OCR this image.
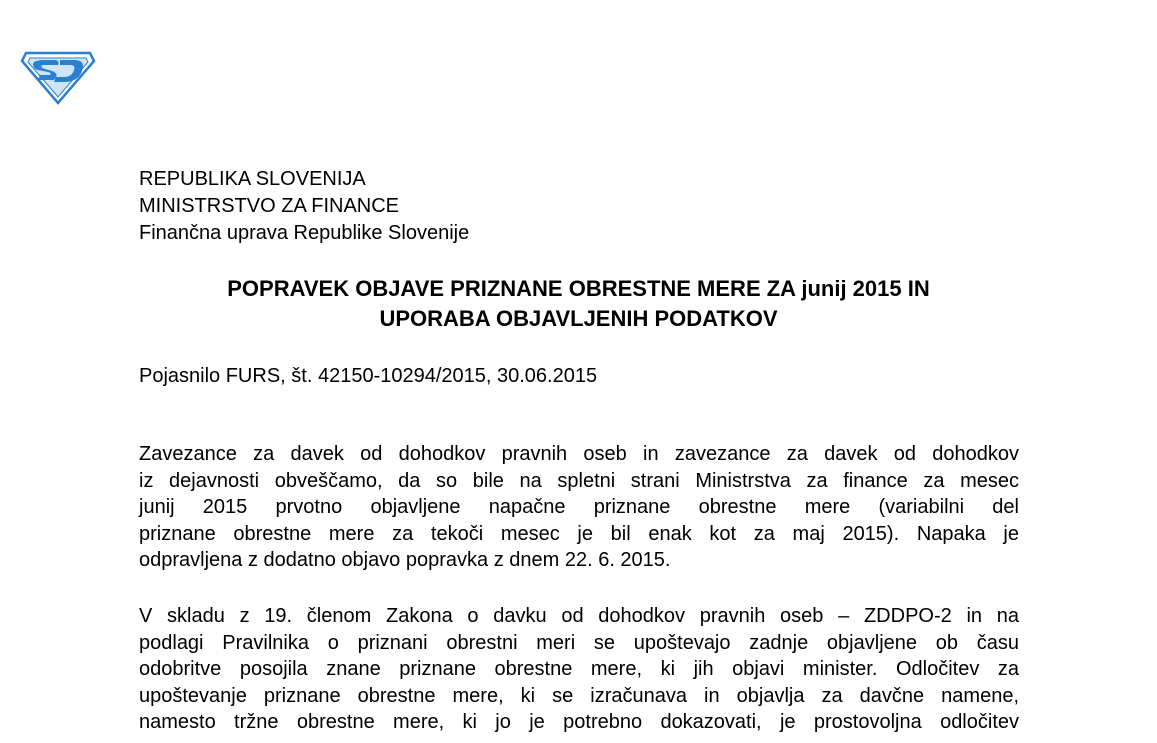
REPUBLIKA SLOVENIJA
MINISTRSTVO ZA FINANCE
Finančna uprava Republike Slovenije
POPRAVEK OBJAVE PRIZNANE OBRESTNE MERE ZA junij 2015 IN
UPORABA OBJAVLJENIH PODATKOV
Pojasnilo FURS, št. 42150-10294/2015, 30.06.2015
Zavezance za davek od dohodkov pravnih oseb in zavezance za davek od dohodkov
iz dejavnosti obveščamo, da so bile na spletni strani Ministrstva za finance za mesec
junij 2015 prvotno objavljene napačne priznane obrestne mere (variabilni del
priznane obrestne mere za tekoči mesec je bil enak kot za maj 2015). Napaka je
odpravljena z dodatno objavo popravka z dnem 22. 6. 2015.
V skladu z 19. členom Zakona o davku od dohodkov pravnih oseb – ZDDPO-2 in na
podlagi Pravilnika o priznani obrestni meri se upoštevajo zadnje objavljene ob času
odobritve posojila znane priznane obrestne mere, ki jih objavi minister. Odločitev za
upoštevanje priznane obrestne mere, ki se izračunava in objavlja za davčne namene,
namesto tržne obrestne mere, ki jo je potrebno dokazovati, je prostovoljna odločitev
